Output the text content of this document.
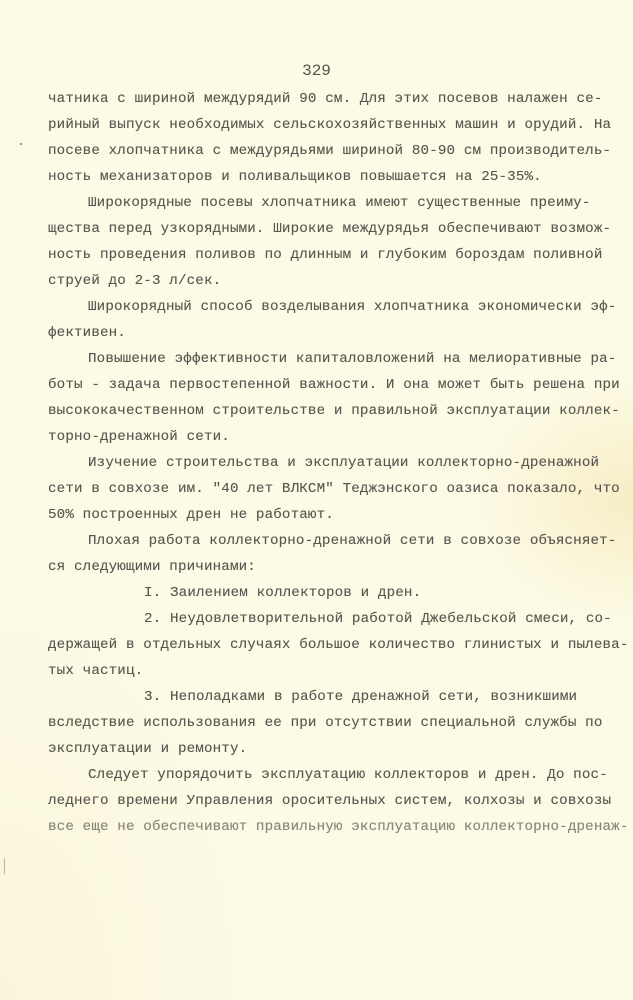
329
чатника с шириной междурядий 90 см. Для этих посевов налажен се-
рийный выпуск необходимых сельскохозяйственных машин и орудий. На
посеве хлопчатника с междурядьями шириной 80-90 см производитель-
ность механизаторов и поливальщиков повышается на 25-35%.
Широкорядные посевы хлопчатника имеют существенные преиму-
щества перед узкорядными. Широкие междурядья обеспечивают возмож-
ность проведения поливов по длинным и глубоким бороздам поливной
струей до 2-3 л/сек.
Широкорядный способ возделывания хлопчатника экономически эф-
фективен.
Повышение эффективности капиталовложений на мелиоративные ра-
боты - задача первостепенной важности. И она может быть решена при
высококачественном строительстве и правильной эксплуатации коллек-
торно-дренажной сети.
Изучение строительства и эксплуатации коллекторно-дренажной
сети в совхозе им. "40 лет ВЛКСМ" Теджэнского оазиса показало, что
50% построенных дрен не работают.
Плохая работа коллекторно-дренажной сети в совхозе объясняет-
ся следующими причинами:
I. Заилением коллекторов и дрен.
2. Неудовлетворительной работой Джебельской смеси, со-
держащей в отдельных случаях большое количество глинистых и пылева-
тых частиц.
3. Неполадками в работе дренажной сети, возникшими
вследствие использования ее при отсутствии специальной службы по
эксплуатации и ремонту.
Следует упорядочить эксплуатацию коллекторов и дрен. До пос-
леднего времени Управления оросительных систем, колхозы и совхозы
все еще не обеспечивают правильную эксплуатацию коллекторно-дренаж-
